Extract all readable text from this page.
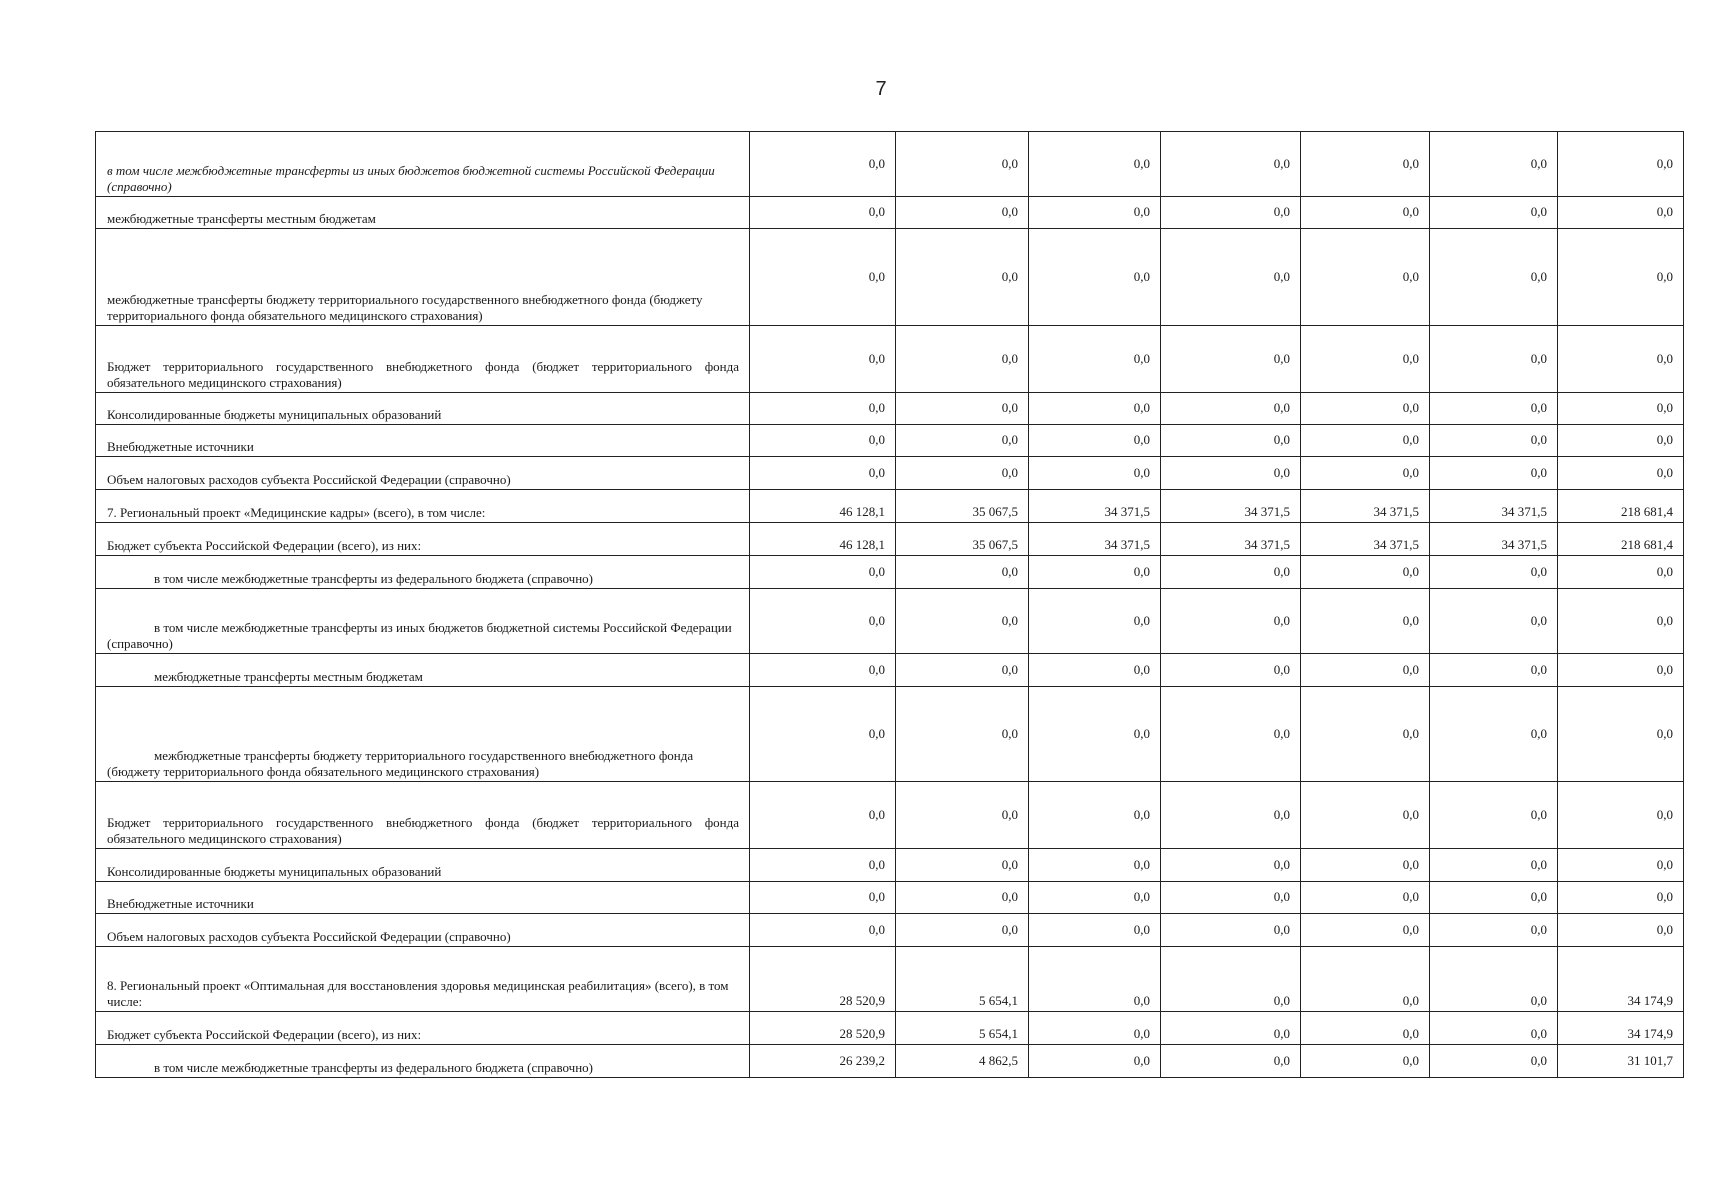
7
в том числе межбюджетные трансферты из иных бюджетов бюджетной системы Российской Федерации (справочно)	0,0	0,0	0,0	0,0	0,0	0,0	0,0
межбюджетные трансферты местным бюджетам	0,0	0,0	0,0	0,0	0,0	0,0	0,0
межбюджетные трансферты бюджету территориального государственного внебюджетного фонда (бюджету территориального фонда обязательного медицинского страхования)	0,0	0,0	0,0	0,0	0,0	0,0	0,0

Бюджет территориального государственного внебюджетного фонда (бюджет территориального фонда обязательного медицинского страхования)	0,0	0,0	0,0	0,0	0,0	0,0	0,0
Консолидированные бюджеты муниципальных образований	0,0	0,0	0,0	0,0	0,0	0,0	0,0
Внебюджетные источники	0,0	0,0	0,0	0,0	0,0	0,0	0,0
Объем налоговых расходов субъекта Российской Федерации (справочно)	0,0	0,0	0,0	0,0	0,0	0,0	0,0
7. Региональный проект «Медицинские кадры» (всего), в том числе:	46 128,1	35 067,5	34 371,5	34 371,5	34 371,5	34 371,5	218 681,4
Бюджет субъекта Российской Федерации (всего), из них:	46 128,1	35 067,5	34 371,5	34 371,5	34 371,5	34 371,5	218 681,4

в том числе межбюджетные трансферты из федерального бюджета (справочно)	0,0	0,0	0,0	0,0	0,0	0,0	0,0

в том числе межбюджетные трансферты из иных бюджетов бюджетной системы Российской Федерации (справочно)	0,0	0,0	0,0	0,0	0,0	0,0	0,0

межбюджетные трансферты местным бюджетам	0,0	0,0	0,0	0,0	0,0	0,0	0,0

межбюджетные трансферты бюджету территориального государственного внебюджетного фонда (бюджету территориального фонда обязательного медицинского страхования)	0,0	0,0	0,0	0,0	0,0	0,0	0,0

Бюджет территориального государственного внебюджетного фонда (бюджет территориального фонда обязательного медицинского страхования)	0,0	0,0	0,0	0,0	0,0	0,0	0,0
Консолидированные бюджеты муниципальных образований	0,0	0,0	0,0	0,0	0,0	0,0	0,0
Внебюджетные источники	0,0	0,0	0,0	0,0	0,0	0,0	0,0
Объем налоговых расходов субъекта Российской Федерации (справочно)	0,0	0,0	0,0	0,0	0,0	0,0	0,0
8. Региональный проект «Оптимальная для восстановления здоровья медицинская реабилитация» (всего), в том числе:	28 520,9	5 654,1	0,0	0,0	0,0	0,0	34 174,9
Бюджет субъекта Российской Федерации (всего), из них:	28 520,9	5 654,1	0,0	0,0	0,0	0,0	34 174,9

в том числе межбюджетные трансферты из федерального бюджета (справочно)	26 239,2	4 862,5	0,0	0,0	0,0	0,0	31 101,7
